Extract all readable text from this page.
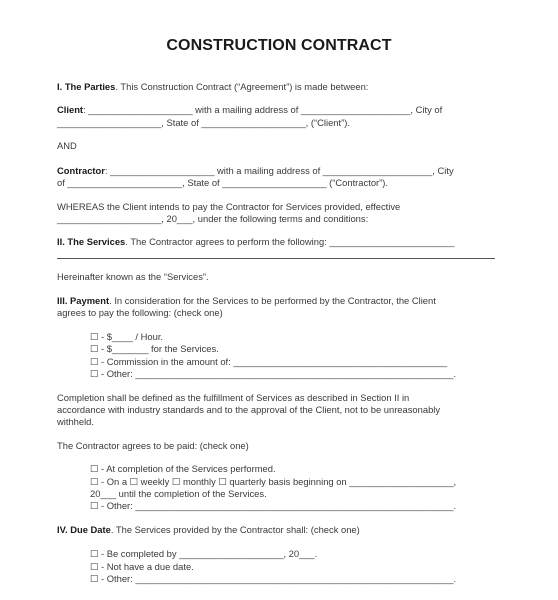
CONSTRUCTION CONTRACT
I. The Parties. This Construction Contract (“Agreement”) is made between:
Client: ____________________ with a mailing address of _____________________, City of
____________________, State of ____________________, (“Client”).
AND
Contractor: ____________________ with a mailing address of _____________________, City
of ______________________, State of ____________________ (“Contractor”).
WHEREAS the Client intends to pay the Contractor for Services provided, effective
____________________, 20___, under the following terms and conditions:
II. The Services. The Contractor agrees to perform the following: ________________________
Hereinafter known as the “Services”.
III. Payment. In consideration for the Services to be performed by the Contractor, the Client
agrees to pay the following: (check one)
☐ - $____ / Hour.
☐ - $_______ for the Services.
☐ - Commission in the amount of: _________________________________________
☐ - Other: _____________________________________________________________.
Completion shall be defined as the fulfillment of Services as described in Section II in
accordance with industry standards and to the approval of the Client, not to be unreasonably
withheld.
The Contractor agrees to be paid: (check one)
☐ - At completion of the Services performed.
☐ - On a ☐ weekly ☐ monthly ☐ quarterly basis beginning on ____________________,
20___ until the completion of the Services.
☐ - Other: _____________________________________________________________.
IV. Due Date. The Services provided by the Contractor shall: (check one)
☐ - Be completed by ____________________, 20___.
☐ - Not have a due date.
☐ - Other: _____________________________________________________________.
